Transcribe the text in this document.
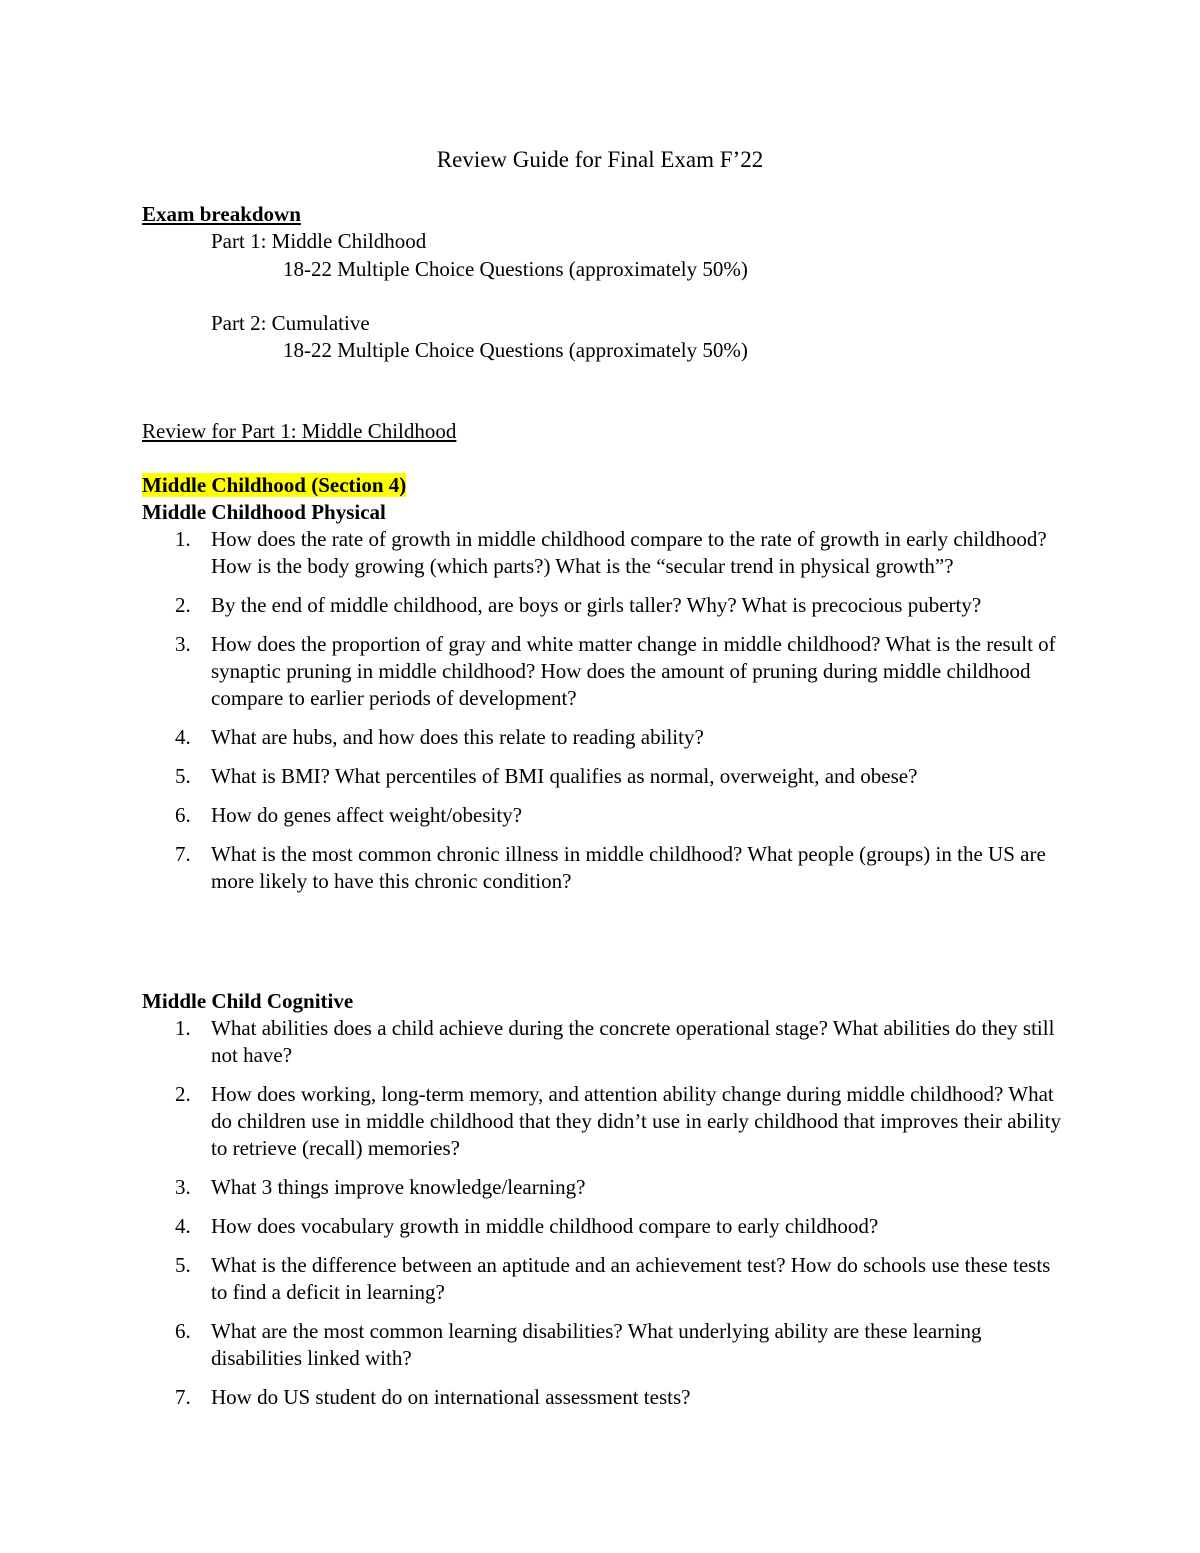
Review Guide for Final Exam F’22
Exam breakdown
Part 1: Middle Childhood
18-22 Multiple Choice Questions (approximately 50%)
Part 2: Cumulative
18-22 Multiple Choice Questions (approximately 50%)
Review for Part 1: Middle Childhood
Middle Childhood (Section 4)
Middle Childhood Physical
1. How does the rate of growth in middle childhood compare to the rate of growth in early childhood? How is the body growing (which parts?) What is the “secular trend in physical growth”?
2. By the end of middle childhood, are boys or girls taller? Why? What is precocious puberty?
3. How does the proportion of gray and white matter change in middle childhood? What is the result of synaptic pruning in middle childhood? How does the amount of pruning during middle childhood compare to earlier periods of development?
4. What are hubs, and how does this relate to reading ability?
5. What is BMI? What percentiles of BMI qualifies as normal, overweight, and obese?
6. How do genes affect weight/obesity?
7. What is the most common chronic illness in middle childhood? What people (groups) in the US are more likely to have this chronic condition?
Middle Child Cognitive
1. What abilities does a child achieve during the concrete operational stage? What abilities do they still not have?
2. How does working, long-term memory, and attention ability change during middle childhood? What do children use in middle childhood that they didn’t use in early childhood that improves their ability to retrieve (recall) memories?
3. What 3 things improve knowledge/learning?
4. How does vocabulary growth in middle childhood compare to early childhood?
5. What is the difference between an aptitude and an achievement test? How do schools use these tests to find a deficit in learning?
6. What are the most common learning disabilities? What underlying ability are these learning disabilities linked with?
7. How do US student do on international assessment tests?
